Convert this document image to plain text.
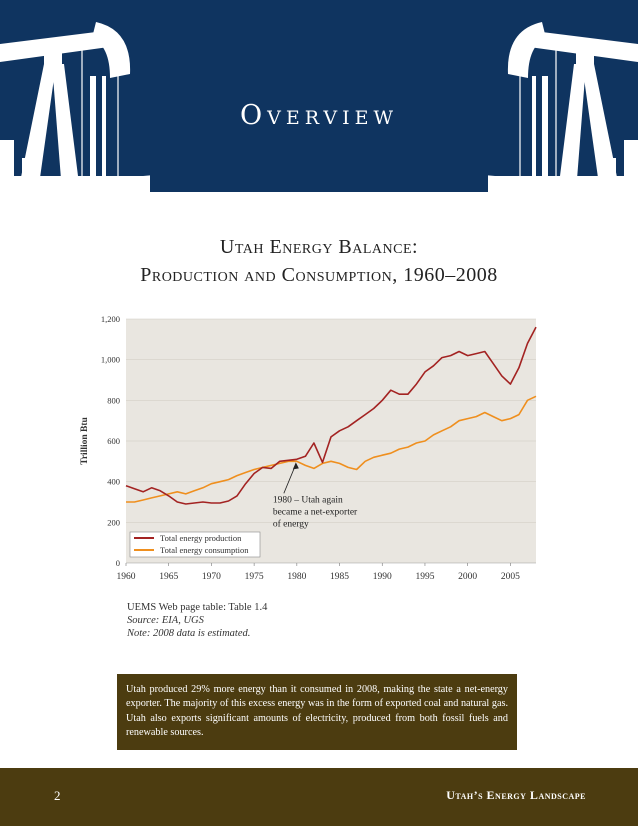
Overview
Utah Energy Balance:
Production and Consumption, 1960–2008
Trillion Btu
0
200
400
600
800
1,000
1,200
1960 1965 1970 1975 1980 1985 1990 1995 2000 2005
1980 – Utah again
became a net-exporter
of energy
Total energy production
Total energy consumption
UEMS Web page table: Table 1.4
Source: EIA, UGS
Note: 2008 data is estimated.
Utah produced 29% more energy than it consumed in 2008, making the state a net-energy exporter. The majority of this excess energy was in the form of exported coal and natural gas. Utah also exports significant amounts of electricity, produced from both fossil fuels and renewable sources.
2	Utah’s Energy Landscape
